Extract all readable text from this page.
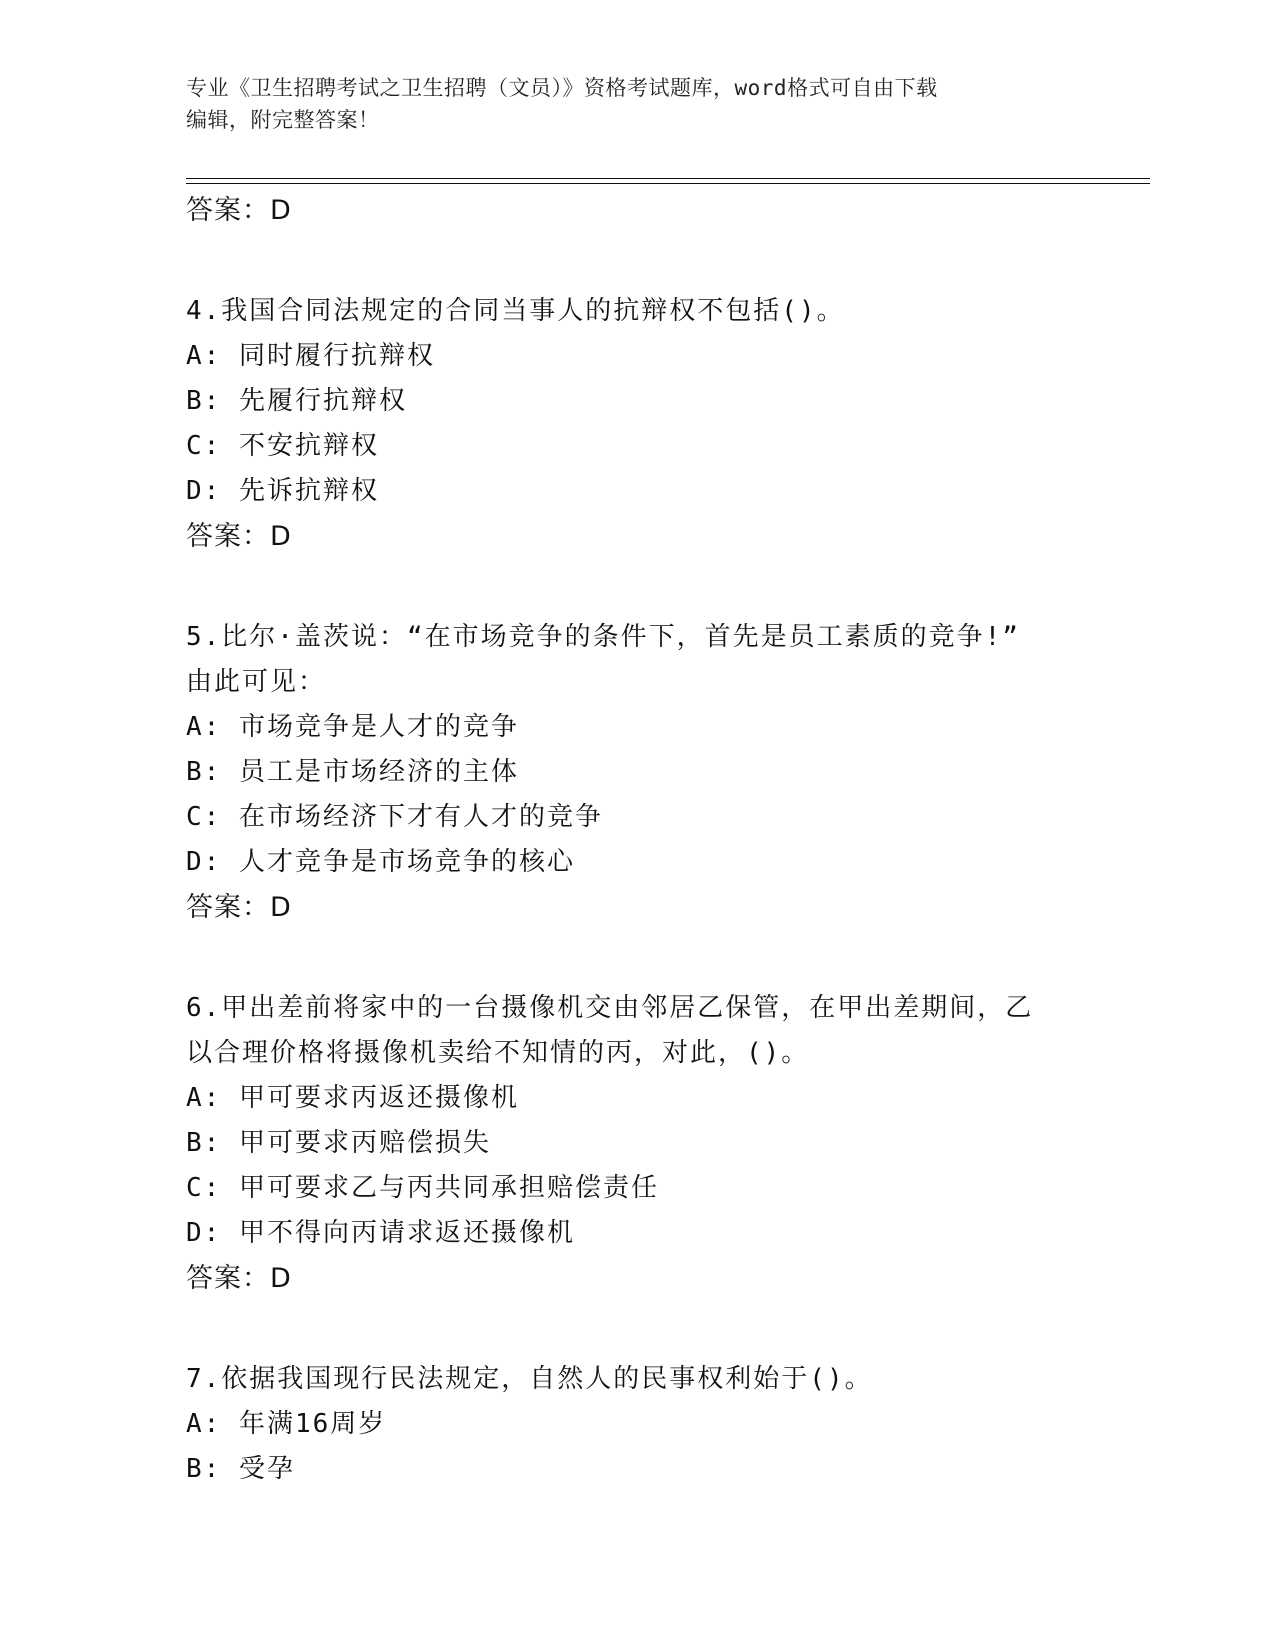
专业《卫生招聘考试之卫生招聘（文员）》资格考试题库，word格式可自由下载
编辑，附完整答案！

答案：D

4.我国合同法规定的合同当事人的抗辩权不包括()。
A: 同时履行抗辩权
B: 先履行抗辩权
C: 不安抗辩权
D: 先诉抗辩权

答案：D

5.比尔·盖茨说：“在市场竞争的条件下，首先是员工素质的竞争!”
由此可见：
A: 市场竞争是人才的竞争
B: 员工是市场经济的主体
C: 在市场经济下才有人才的竞争
D: 人才竞争是市场竞争的核心

答案：D

6.甲出差前将家中的一台摄像机交由邻居乙保管，在甲出差期间，乙
以合理价格将摄像机卖给不知情的丙，对此，()。
A: 甲可要求丙返还摄像机
B: 甲可要求丙赔偿损失
C: 甲可要求乙与丙共同承担赔偿责任
D: 甲不得向丙请求返还摄像机

答案：D

7.依据我国现行民法规定，自然人的民事权利始于()。
A: 年满16周岁
B: 受孕
